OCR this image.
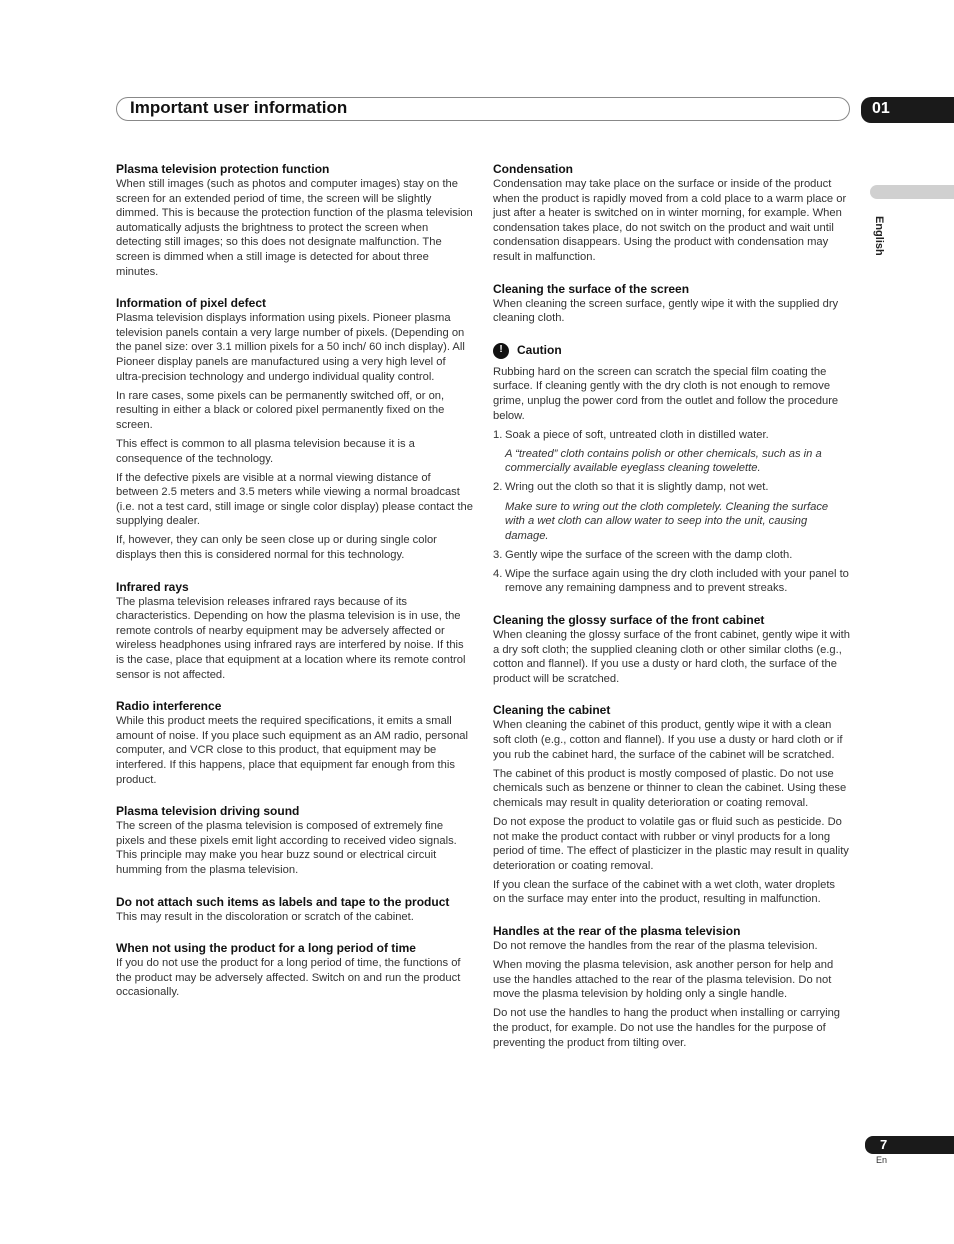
Important user information	01
English
Plasma television protection function

When still images (such as photos and computer images) stay on the screen for an extended period of time, the screen will be slightly dimmed. This is because the protection function of the plasma television automatically adjusts the brightness to protect the screen when detecting still images; so this does not designate malfunction. The screen is dimmed when a still image is detected for about three minutes.

Information of pixel defect

Plasma television displays information using pixels. Pioneer plasma television panels contain a very large number of pixels. (Depending on the panel size: over 3.1 million pixels for a 50 inch/ 60 inch display). All Pioneer display panels are manufactured using a very high level of ultra-precision technology and undergo individual quality control.

In rare cases, some pixels can be permanently switched off, or on, resulting in either a black or colored pixel permanently fixed on the screen.

This effect is common to all plasma television because it is a consequence of the technology.

If the defective pixels are visible at a normal viewing distance of between 2.5 meters and 3.5 meters while viewing a normal broadcast (i.e. not a test card, still image or single color display) please contact the supplying dealer.

If, however, they can only be seen close up or during single color displays then this is considered normal for this technology.

Infrared rays

The plasma television releases infrared rays because of its characteristics. Depending on how the plasma television is in use, the remote controls of nearby equipment may be adversely affected or wireless headphones using infrared rays are interfered by noise. If this is the case, place that equipment at a location where its remote control sensor is not affected.

Radio interference

While this product meets the required specifications, it emits a small amount of noise. If you place such equipment as an AM radio, personal computer, and VCR close to this product, that equipment may be interfered. If this happens, place that equipment far enough from this product.

Plasma television driving sound

The screen of the plasma television is composed of extremely fine pixels and these pixels emit light according to received video signals. This principle may make you hear buzz sound or electrical circuit humming from the plasma television.

Do not attach such items as labels and tape to the product

This may result in the discoloration or scratch of the cabinet.

When not using the product for a long period of time

If you do not use the product for a long period of time, the functions of the product may be adversely affected. Switch on and run the product occasionally.

Condensation

Condensation may take place on the surface or inside of the product when the product is rapidly moved from a cold place to a warm place or just after a heater is switched on in winter morning, for example. When condensation takes place, do not switch on the product and wait until condensation disappears. Using the product with condensation may result in malfunction.

Cleaning the surface of the screen

When cleaning the screen surface, gently wipe it with the supplied dry cleaning cloth.

!	Caution

Rubbing hard on the screen can scratch the special film coating the surface. If cleaning gently with the dry cloth is not enough to remove grime, unplug the power cord from the outlet and follow the procedure below.

1. Soak a piece of soft, untreated cloth in distilled water.
A “treated” cloth contains polish or other chemicals, such as in a commercially available eyeglass cleaning towelette.
2. Wring out the cloth so that it is slightly damp, not wet.
Make sure to wring out the cloth completely. Cleaning the surface with a wet cloth can allow water to seep into the unit, causing damage.
3. Gently wipe the surface of the screen with the damp cloth.
4. Wipe the surface again using the dry cloth included with your panel to remove any remaining dampness and to prevent streaks.
Cleaning the glossy surface of the front cabinet

When cleaning the glossy surface of the front cabinet, gently wipe it with a dry soft cloth; the supplied cleaning cloth or other similar cloths (e.g., cotton and flannel). If you use a dusty or hard cloth, the surface of the product will be scratched.

Cleaning the cabinet

When cleaning the cabinet of this product, gently wipe it with a clean soft cloth (e.g., cotton and flannel). If you use a dusty or hard cloth or if you rub the cabinet hard, the surface of the cabinet will be scratched.

The cabinet of this product is mostly composed of plastic. Do not use chemicals such as benzene or thinner to clean the cabinet. Using these chemicals may result in quality deterioration or coating removal.

Do not expose the product to volatile gas or fluid such as pesticide. Do not make the product contact with rubber or vinyl products for a long period of time. The effect of plasticizer in the plastic may result in quality deterioration or coating removal.

If you clean the surface of the cabinet with a wet cloth, water droplets on the surface may enter into the product, resulting in malfunction.

Handles at the rear of the plasma television

Do not remove the handles from the rear of the plasma television.

When moving the plasma television, ask another person for help and use the handles attached to the rear of the plasma television. Do not move the plasma television by holding only a single handle.

Do not use the handles to hang the product when installing or carrying the product, for example. Do not use the handles for the purpose of preventing the product from tilting over.

7
En
